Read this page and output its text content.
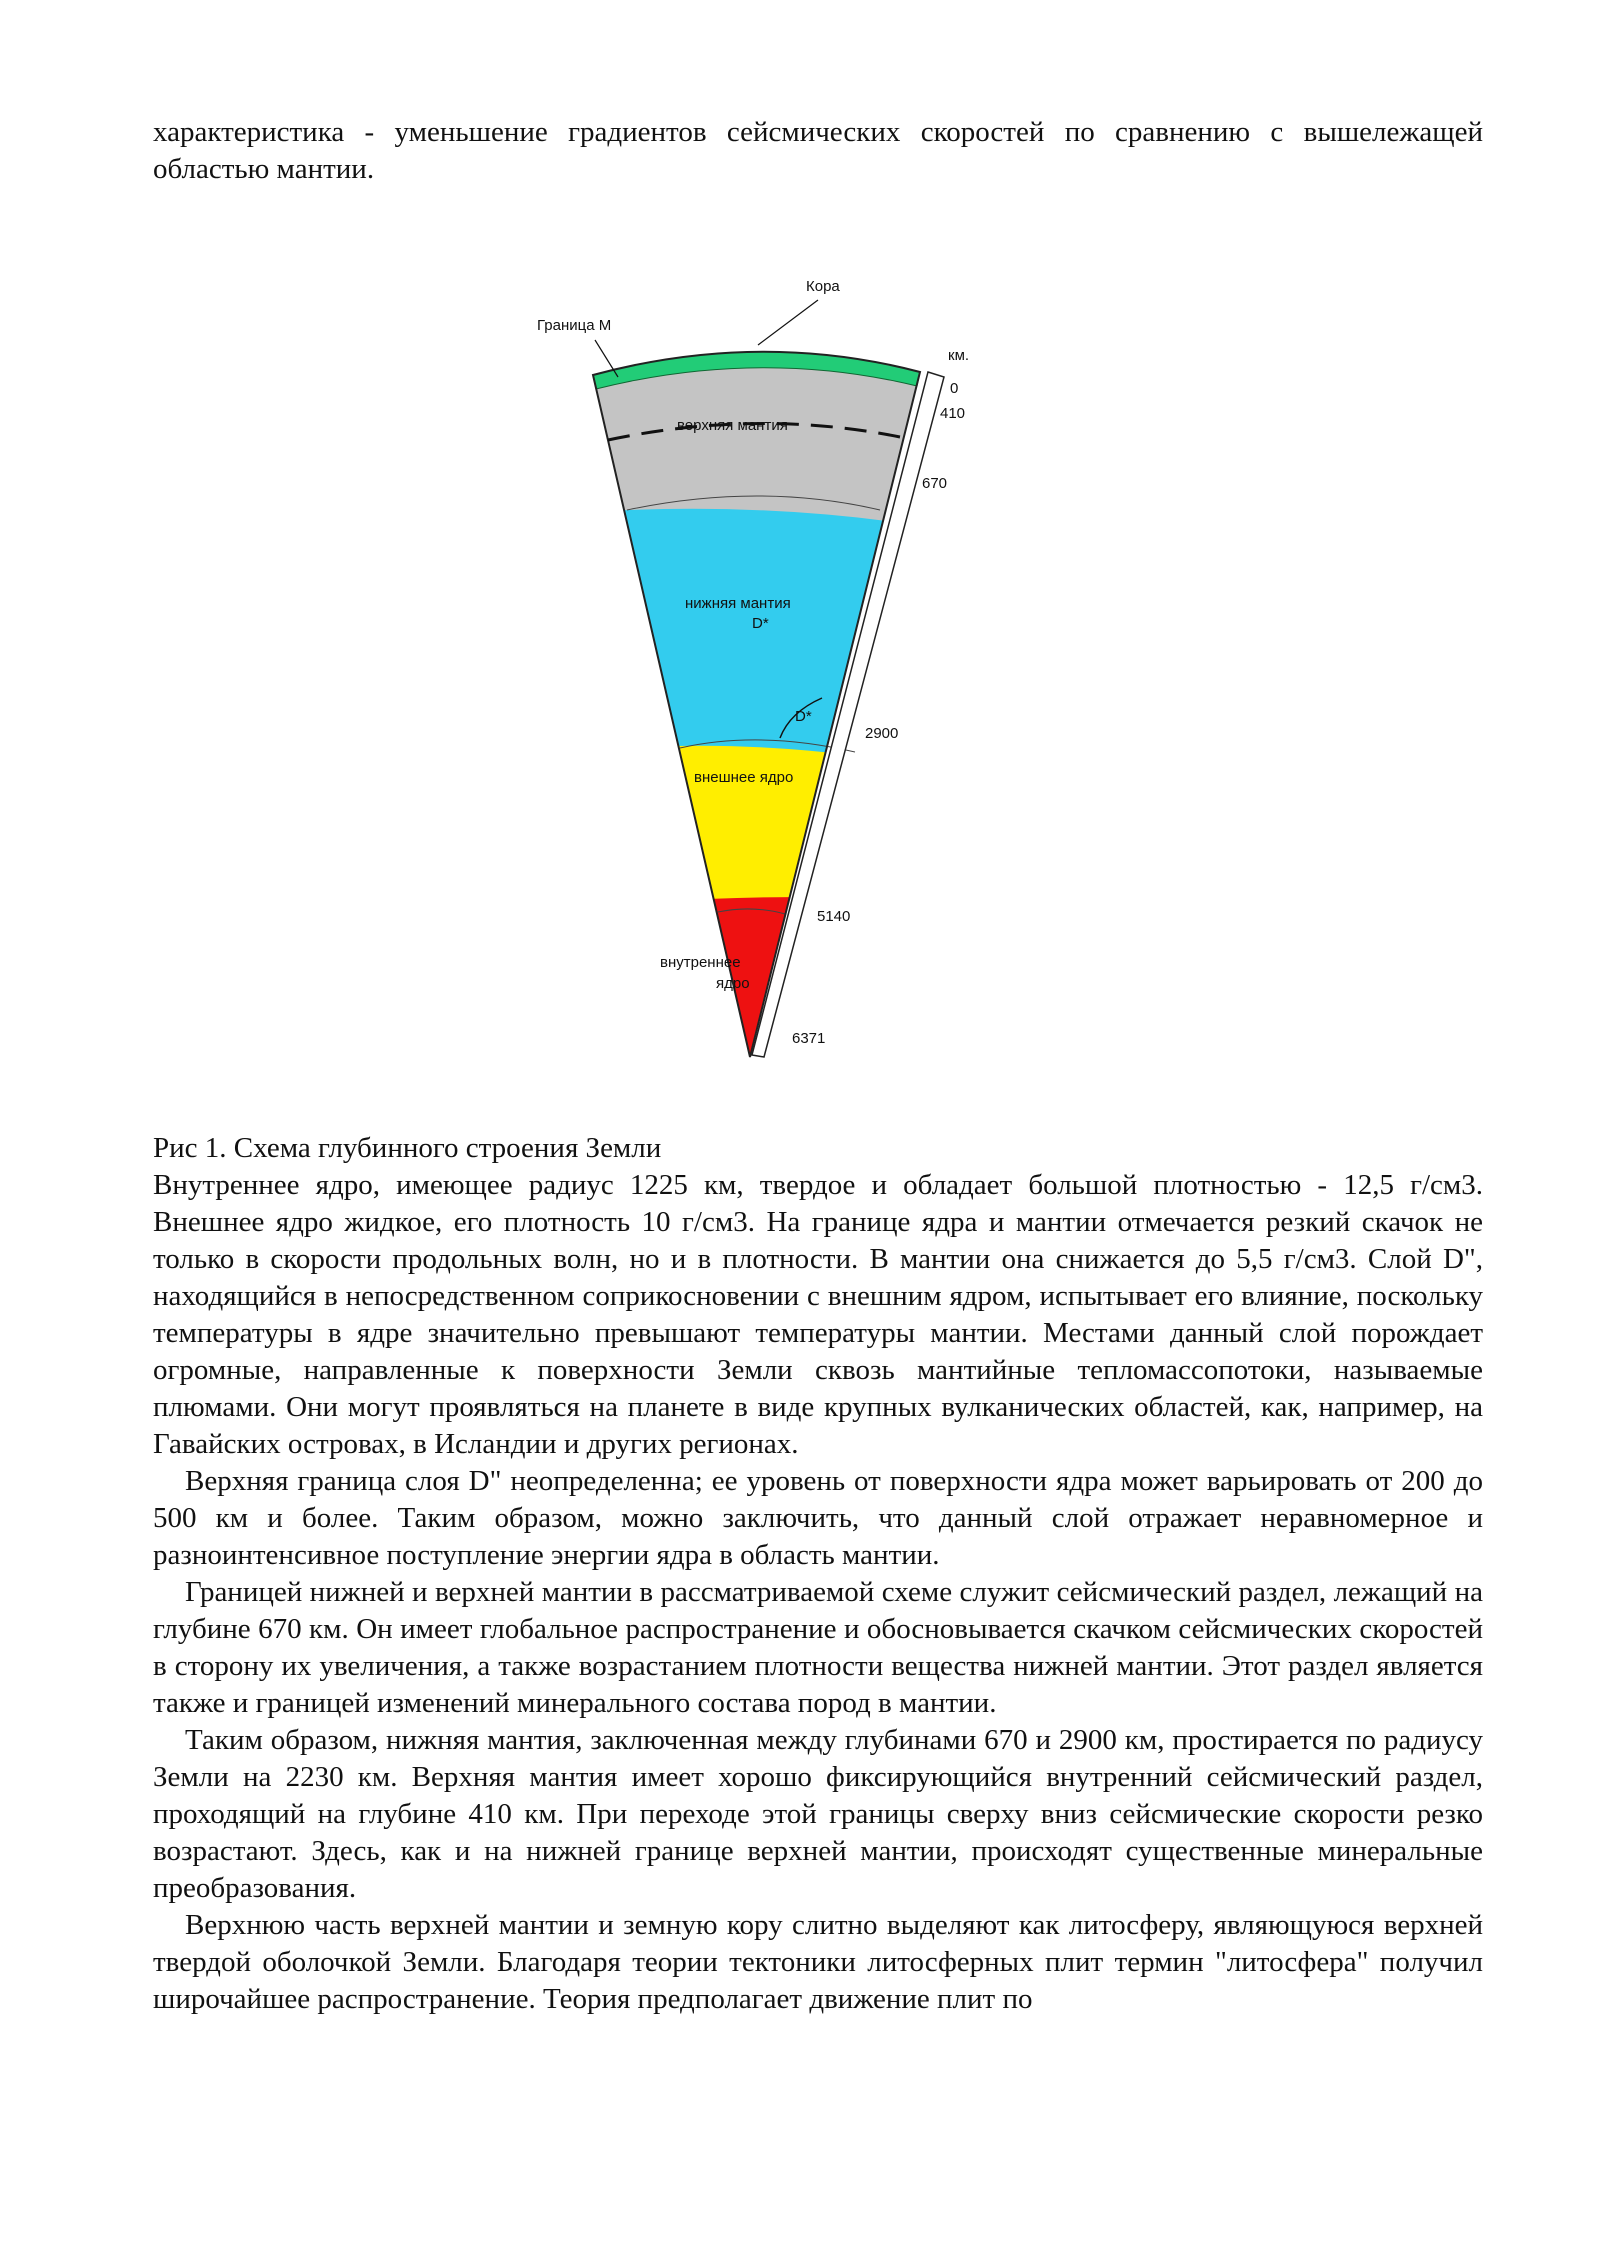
характеристика - уменьшение градиентов сейсмических скоростей по сравнению с вышележащей областью мантии.

Кора
Граница М
км.
0
410
670
2900
5140
6371
верхняя мантия
нижняя мантия
D*
D*
внешнее ядро
внутреннее
ядро
Рис 1. Схема глубинного строения Земли

Внутреннее ядро, имеющее радиус 1225 км, твердое и обладает большой плотностью - 12,5 г/см3. Внешнее ядро жидкое, его плотность 10 г/см3. На границе ядра и мантии отмечается резкий скачок не только в скорости продольных волн, но и в плотности. В мантии она снижается до 5,5 г/см3. Слой D", находящийся в непосредственном соприкосновении с внешним ядром, испытывает его влияние, поскольку температуры в ядре значительно превышают температуры мантии. Местами данный слой порождает огромные, направленные к поверхности Земли сквозь мантийные тепломассопотоки, называемые плюмами. Они могут проявляться на планете в виде крупных вулканических областей, как, например, на Гавайских островах, в Исландии и других регионах.

Верхняя граница слоя D" неопределенна; ее уровень от поверхности ядра может варьировать от 200 до 500 км и более. Таким образом, можно заключить, что данный слой отражает неравномерное и разноинтенсивное поступление энергии ядра в область мантии.

Границей нижней и верхней мантии в рассматриваемой схеме служит сейсмический раздел, лежащий на глубине 670 км. Он имеет глобальное распространение и обосновывается скачком сейсмических скоростей в сторону их увеличения, а также возрастанием плотности вещества нижней мантии. Этот раздел является также и границей изменений минерального состава пород в мантии.

Таким образом, нижняя мантия, заключенная между глубинами 670 и 2900 км, простирается по радиусу Земли на 2230 км. Верхняя мантия имеет хорошо фиксирующийся внутренний сейсмический раздел, проходящий на глубине 410 км. При переходе этой границы сверху вниз сейсмические скорости резко возрастают. Здесь, как и на нижней границе верхней мантии, происходят существенные минеральные преобразования.

Верхнюю часть верхней мантии и земную кору слитно выделяют как литосферу, являющуюся верхней твердой оболочкой Земли. Благодаря теории тектоники литосферных плит термин "литосфера" получил широчайшее распространение. Теория предполагает движение плит по
